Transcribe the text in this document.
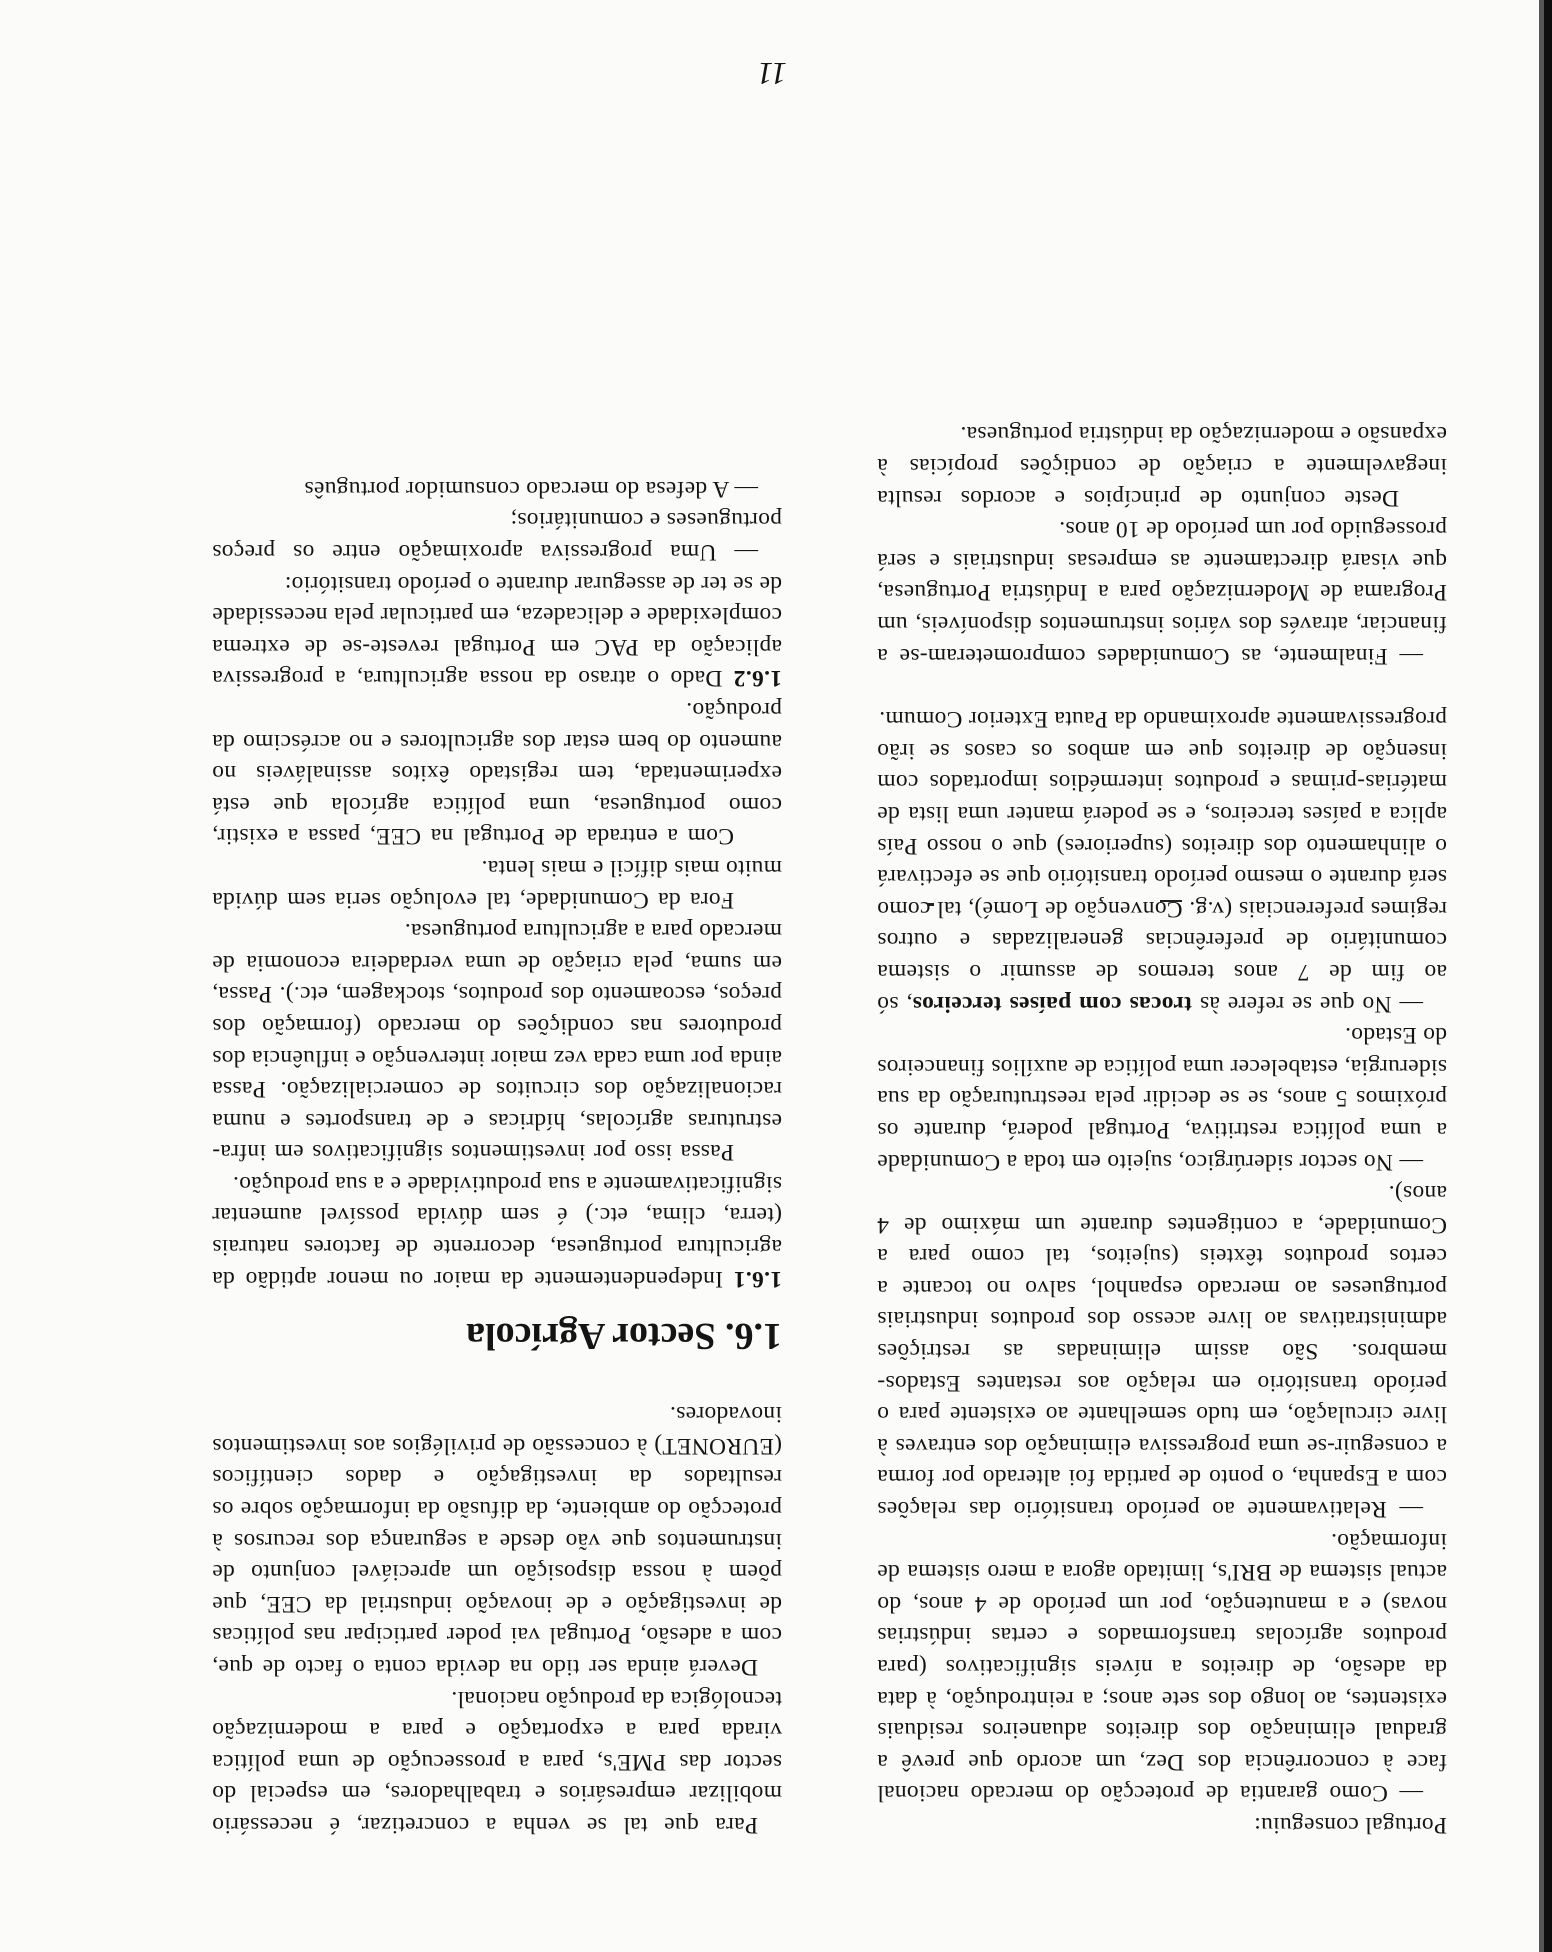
11

Portugal conseguiu:

— Como garantia de protecção do mercado nacional face à concorrência dos Dez, um acordo que prevê a gradual eliminação dos direitos aduaneiros residuais existentes, ao longo dos sete anos; a reintrodução, à data da adesão, de direitos a níveis significativos (para produtos agrícolas transformados e certas indústrias novas) e a manutenção, por um período de 4 anos, do actual sistema de BRI's, limitado agora a mero sistema de informação.

— Relativamente ao período transitório das relações com a Espanha, o ponto de partida foi alterado por forma a conseguir-se uma progressiva eliminação dos entraves à livre circulação, em tudo semelhante ao existente para o período transitório em relação aos restantes Estados-membros. São assim eliminadas as restrições administrativas ao livre acesso dos produtos industriais portugueses ao mercado espanhol, salvo no tocante a certos produtos têxteis (sujeitos, tal como para a Comunidade, a contigentes durante um máximo de 4 anos).

— No sector siderúrgico, sujeito em toda a Comunidade a uma política restritiva, Portugal poderá, durante os próximos 5 anos, se se decidir pela reestruturação da sua siderurgia, estabelecer uma política de auxílios financeiros do Estado.

— No que se refere às trocas com países terceiros, só ao fim de 7 anos teremos de assumir o sistema comunitário de preferências generalizadas e outros regimes preferenciais (v.g. Convenção de Lomé), tal como será durante o mesmo período transitório que se efectivará o alinhamento dos direitos (superiores) que o nosso País aplica a países terceiros, e se poderá manter uma lista de matérias-primas e produtos intermédios importados com insenção de direitos que em ambos os casos se irão progressivamente aproximando da Pauta Exterior Comum.

— Finalmente, as Comunidades comprometeram-se a financiar, através dos vários instrumentos disponíveis, um Programa de Modernização para a Indústria Portuguesa, que visará directamente as empresas industriais e será prosseguido por um período de 10 anos.

Deste conjunto de princípios e acordos resulta inegavelmente a criação de condições propícias à expansão e modernização da indústria portuguesa.

Para que tal se venha a concretizar, é necessário mobilizar empresários e trabalhadores, em especial do sector das PME's, para a prossecução de uma política virada para a exportação e para a modernização tecnológica da produção nacional.

Deverá ainda ser tido na devida conta o facto de que, com a adesão, Portugal vai poder participar nas políticas de investigação e de inovação industrial da CEE, que põem à nossa disposição um apreciável conjunto de instrumentos que vão desde a segurança dos recursos à protecção do ambiente, da difusão da informação sobre os resultados da investigação e dados científicos (EURONET) à concessão de privilégios aos investimentos inovadores.

1.6. Sector Agrícola
1.6.1 Independentemente da maior ou menor aptidão da agricultura portuguesa, decorrente de factores naturais (terra, clima, etc.) é sem dúvida possível aumentar significativamente a sua produtividade e a sua produção.

Passa isso por investimentos significativos em infra-estruturas agrícolas, hídricas e de transportes e numa racionalização dos circuitos de comercialização. Passa ainda por uma cada vez maior intervenção e influência dos produtores nas condições do mercado (formação dos preços, escoamento dos produtos, stockagem, etc.). Passa, em suma, pela criação de uma verdadeira economia de mercado para a agricultura portuguesa.

Fora da Comunidade, tal evolução seria sem dúvida muito mais difícil e mais lenta.

Com a entrada de Portugal na CEE, passa a existir, como portuguesa, uma política agrícola que está experimentada, tem registado êxitos assinaláveis no aumento do bem estar dos agricultores e no acréscimo da produção.

1.6.2 Dado o atraso da nossa agricultura, a progressiva aplicação da PAC em Portugal reveste-se de extrema complexidade e delicadeza, em particular pela necessidade de se ter de assegurar durante o período transitório:

— Uma progressiva aproximação entre os preços portugueses e comunitários;

— A defesa do mercado consumidor português
